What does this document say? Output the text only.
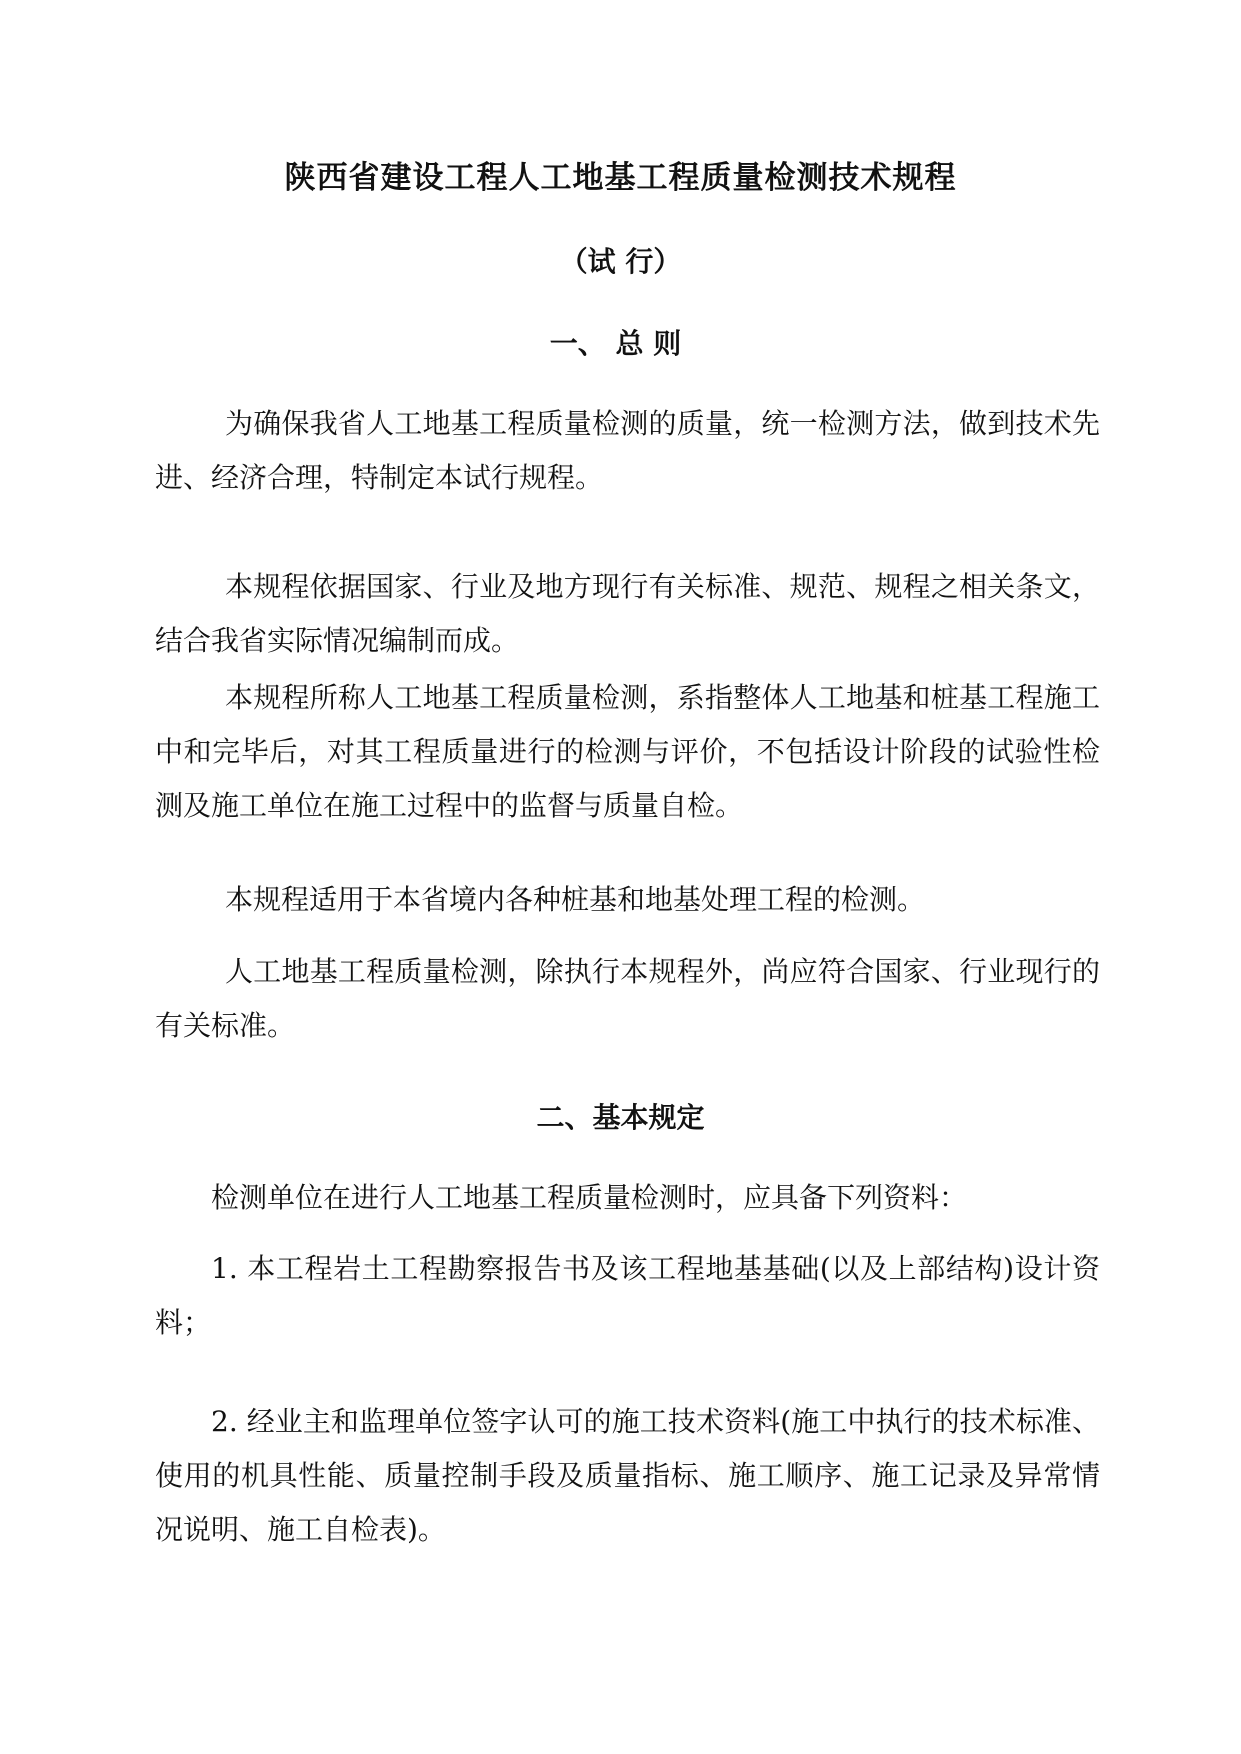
陕西省建设工程人工地基工程质量检测技术规程
（试 行）
一、 总 则

为确保我省人工地基工程质量检测的质量，统一检测方法，做到技术先进、经济合理，特制定本试行规程。

本规程依据国家、行业及地方现行有关标准、规范、规程之相关条文，结合我省实际情况编制而成。

本规程所称人工地基工程质量检测，系指整体人工地基和桩基工程施工中和完毕后，对其工程质量进行的检测与评价，不包括设计阶段的试验性检测及施工单位在施工过程中的监督与质量自检。

本规程适用于本省境内各种桩基和地基处理工程的检测。

人工地基工程质量检测，除执行本规程外，尚应符合国家、行业现行的有关标准。

二、基本规定

检测单位在进行人工地基工程质量检测时，应具备下列资料：

1. 本工程岩土工程勘察报告书及该工程地基基础(以及上部结构)设计资料；

2. 经业主和监理单位签字认可的施工技术资料(施工中执行的技术标准、使用的机具性能、质量控制手段及质量指标、施工顺序、施工记录及异常情况说明、施工自检表)。
